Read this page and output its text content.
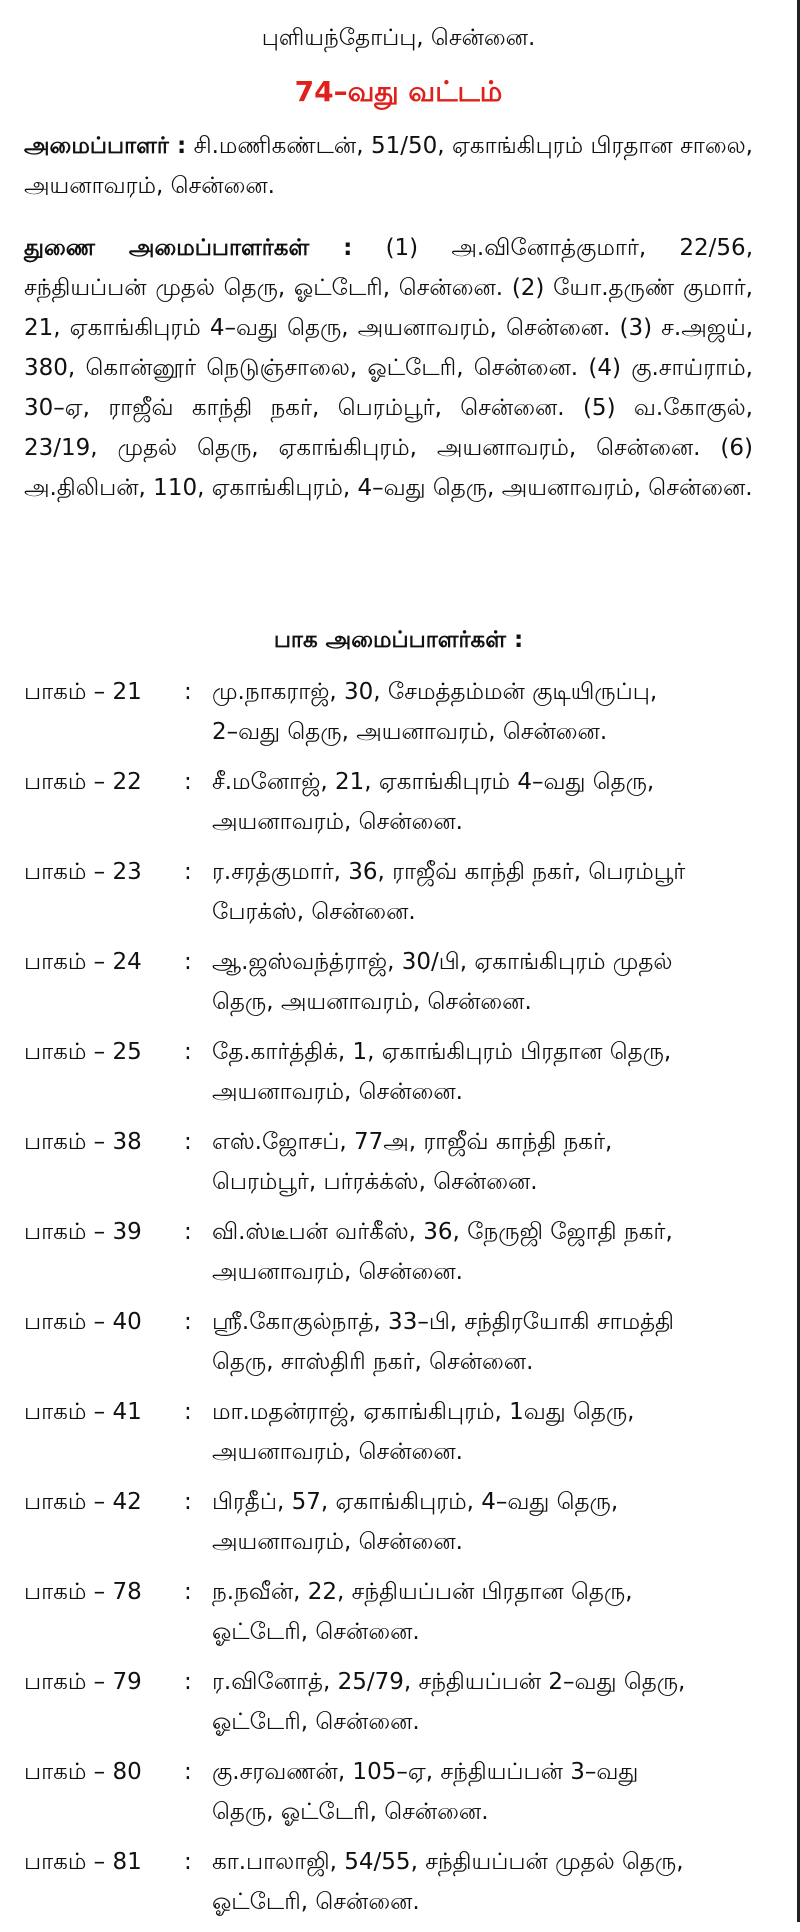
புளியந்தோப்பு, சென்னை.
74–வது வட்டம்
அமைப்பாளர் : சி.மணிகண்டன், 51/50, ஏகாங்கிபுரம் பிரதான சாலை, அயனாவரம், சென்னை.
துணை அமைப்பாளர்கள் : (1) அ.வினோத்குமார், 22/56, சந்தியப்பன் முதல் தெரு, ஓட்டேரி, சென்னை. (2) யோ.தருண் குமார், 21, ஏகாங்கிபுரம் 4–வது தெரு, அயனாவரம், சென்னை. (3) ச.அஜய், 380, கொன்னூர் நெடுஞ்சாலை, ஓட்டேரி, சென்னை. (4) கு.சாய்ராம், 30–ஏ, ராஜீவ் காந்தி நகர், பெரம்பூர், சென்னை. (5) வ.கோகுல், 23/19, முதல் தெரு, ஏகாங்கிபுரம், அயனாவரம், சென்னை. (6) அ.திலிபன், 110, ஏகாங்கிபுரம், 4–வது தெரு, அயனாவரம், சென்னை.
பாக அமைப்பாளர்கள் :
பாகம் – 21	: மு.நாகராஜ், 30, சேமத்தம்மன் குடியிருப்பு,
2–வது தெரு, அயனாவரம், சென்னை.
பாகம் – 22	: சீ.மனோஜ், 21, ஏகாங்கிபுரம் 4–வது தெரு,
அயனாவரம், சென்னை.
பாகம் – 23	: ர.சரத்குமார், 36, ராஜீவ் காந்தி நகர், பெரம்பூர்
பேரக்ஸ், சென்னை.
பாகம் – 24	: ஆ.ஜஸ்வந்த்ராஜ், 30/பி, ஏகாங்கிபுரம் முதல்
தெரு, அயனாவரம், சென்னை.
பாகம் – 25	: தே.கார்த்திக், 1, ஏகாங்கிபுரம் பிரதான தெரு,
அயனாவரம், சென்னை.
பாகம் – 38	: எஸ்.ஜோசப், 77அ, ராஜீவ் காந்தி நகர்,
பெரம்பூர், பர்ரக்க்ஸ், சென்னை.
பாகம் – 39	: வி.ஸ்டீபன் வர்கீஸ், 36, நேருஜி ஜோதி நகர்,
அயனாவரம், சென்னை.
பாகம் – 40	: ஸ்ரீ.கோகுல்நாத், 33–பி, சந்திரயோகி சாமத்தி
தெரு, சாஸ்திரி நகர், சென்னை.
பாகம் – 41	: மா.மதன்ராஜ், ஏகாங்கிபுரம், 1வது தெரு,
அயனாவரம், சென்னை.
பாகம் – 42	: பிரதீப், 57, ஏகாங்கிபுரம், 4–வது தெரு,
அயனாவரம், சென்னை.
பாகம் – 78	: ந.நவீன், 22, சந்தியப்பன் பிரதான தெரு,
ஓட்டேரி, சென்னை.
பாகம் – 79	: ர.வினோத், 25/79, சந்தியப்பன் 2–வது தெரு,
ஓட்டேரி, சென்னை.
பாகம் – 80	: கு.சரவணன், 105–ஏ, சந்தியப்பன் 3–வது
தெரு, ஓட்டேரி, சென்னை.
பாகம் – 81	: கா.பாலாஜி, 54/55, சந்தியப்பன் முதல் தெரு,
ஓட்டேரி, சென்னை.
